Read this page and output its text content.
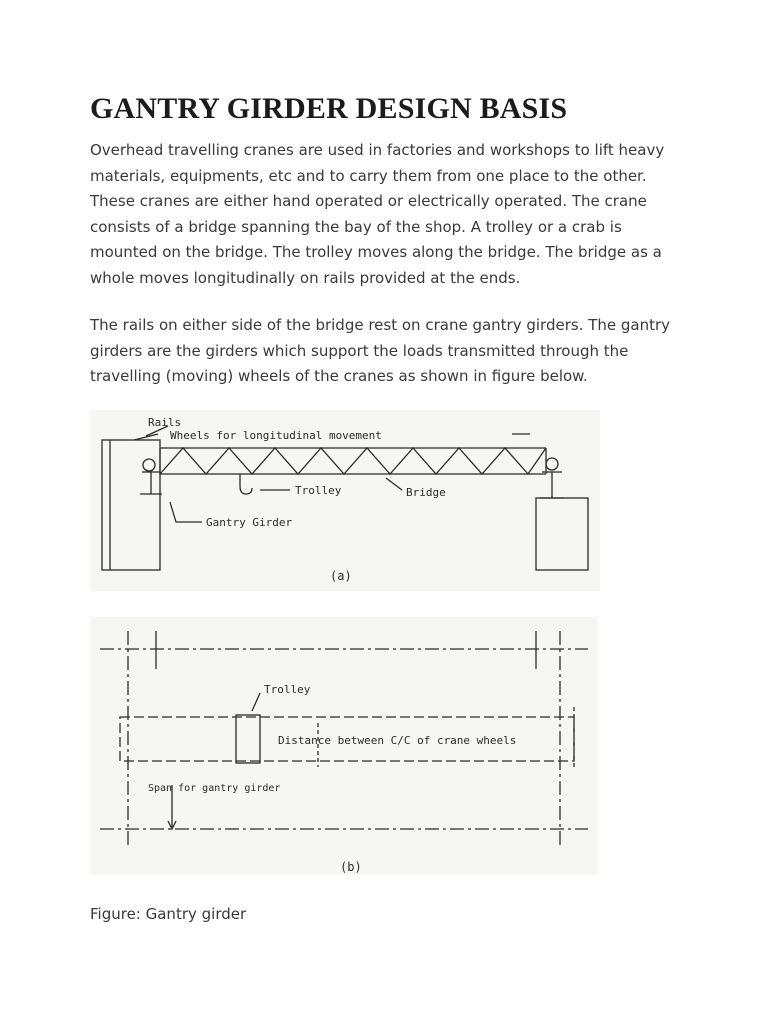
GANTRY GIRDER DESIGN BASIS

Overhead travelling cranes are used in factories and workshops to lift heavy materials, equipments, etc and to carry them from one place to the other. These cranes are either hand operated or electrically operated. The crane consists of a bridge spanning the bay of the shop. A trolley or a crab is mounted on the bridge. The trolley moves along the bridge. The bridge as a whole moves longitudinally on rails provided at the ends.

The rails on either side of the bridge rest on crane gantry girders. The gantry girders are the girders which support the loads transmitted through the travelling (moving) wheels of the cranes as shown in figure below.

Rails
Wheels for longitudinal movement
Trolley	Bridge
Gantry Girder
(a)
Trolley
Distance between C/C of crane wheels
Span for gantry girder
(b)

Figure: Gantry girder
